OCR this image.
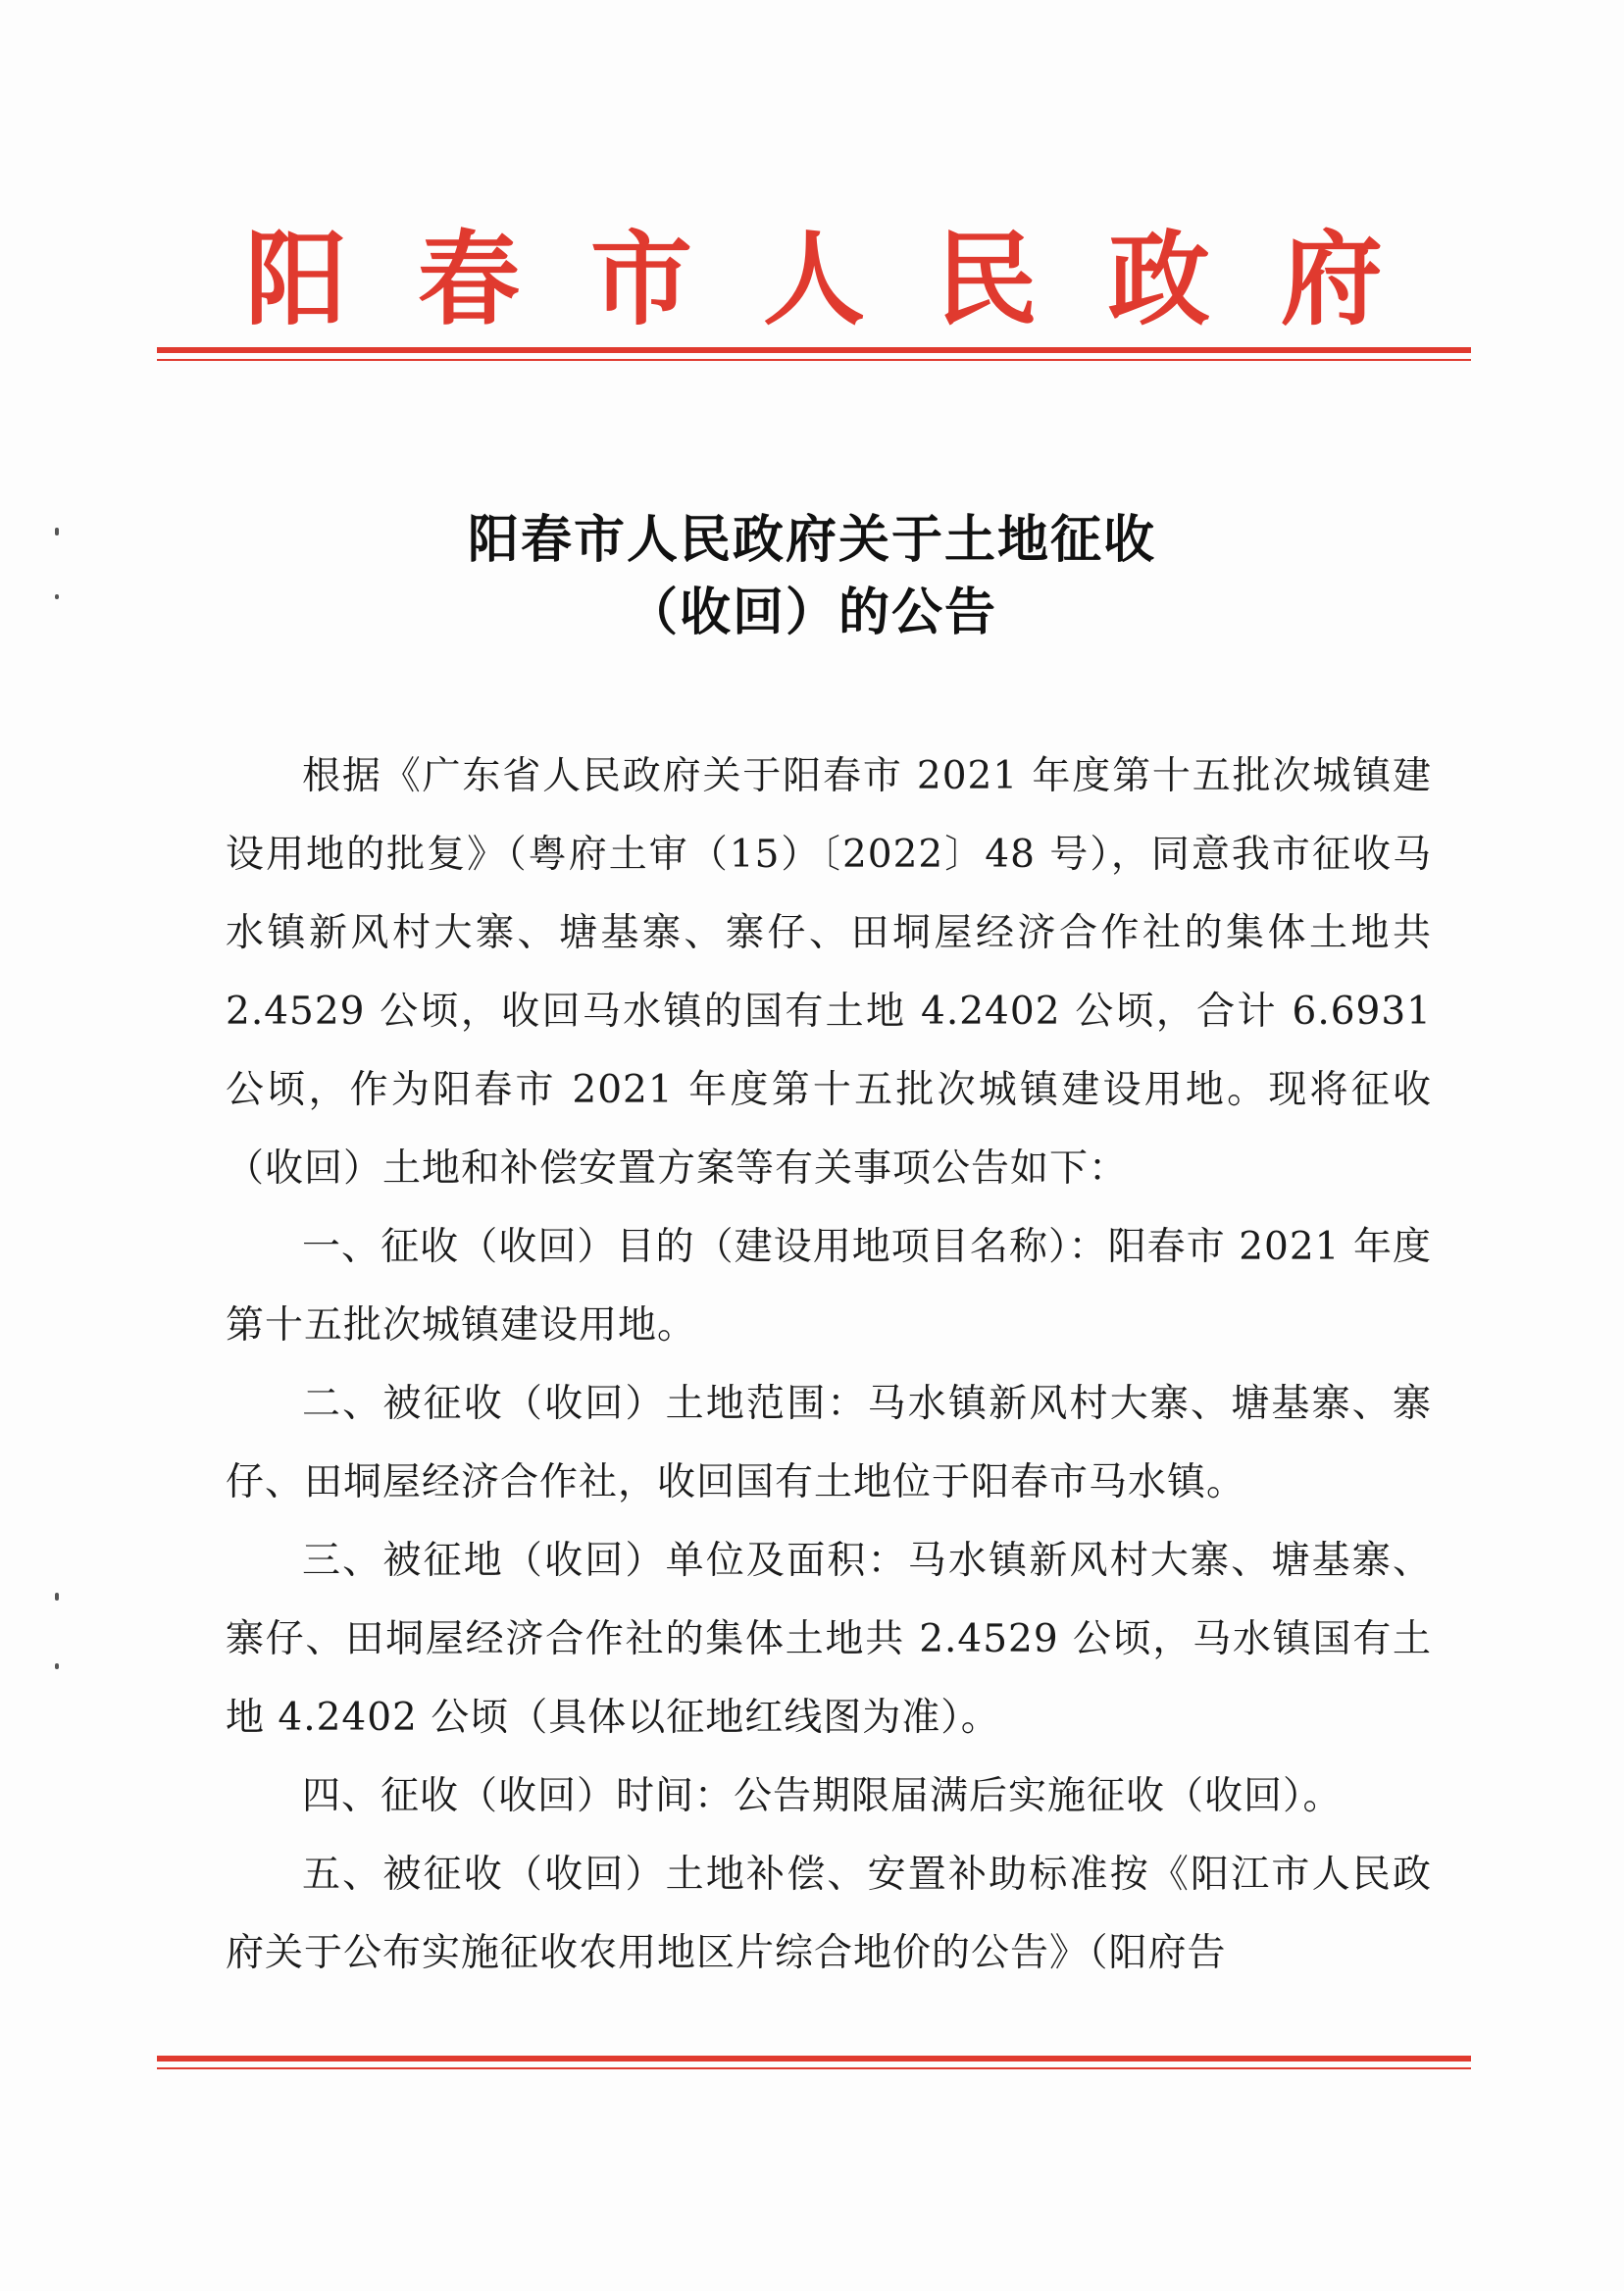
阳 春 市 人 民 政 府
阳春市人民政府关于土地征收
（收回）的公告

根据《广东省人民政府关于阳春市 2021 年度第十五批次城镇建设用地的批复》（粤府土审（15）〔2022〕48 号），同意我市征收马水镇新风村大寨、塘基寨、寨仔、田垌屋经济合作社的集体土地共 2.4529 公顷，收回马水镇的国有土地 4.2402 公顷，合计 6.6931 公顷，作为阳春市 2021 年度第十五批次城镇建设用地。现将征收（收回）土地和补偿安置方案等有关事项公告如下：

一、征收（收回）目的（建设用地项目名称）：阳春市 2021 年度第十五批次城镇建设用地。

二、被征收（收回）土地范围：马水镇新风村大寨、塘基寨、寨仔、田垌屋经济合作社，收回国有土地位于阳春市马水镇。

三、被征地（收回）单位及面积：马水镇新风村大寨、塘基寨、寨仔、田垌屋经济合作社的集体土地共 2.4529 公顷，马水镇国有土地 4.2402 公顷（具体以征地红线图为准）。

四、征收（收回）时间：公告期限届满后实施征收（收回）。

五、被征收（收回）土地补偿、安置补助标准按《阳江市人民政府关于公布实施征收农用地区片综合地价的公告》（阳府告
